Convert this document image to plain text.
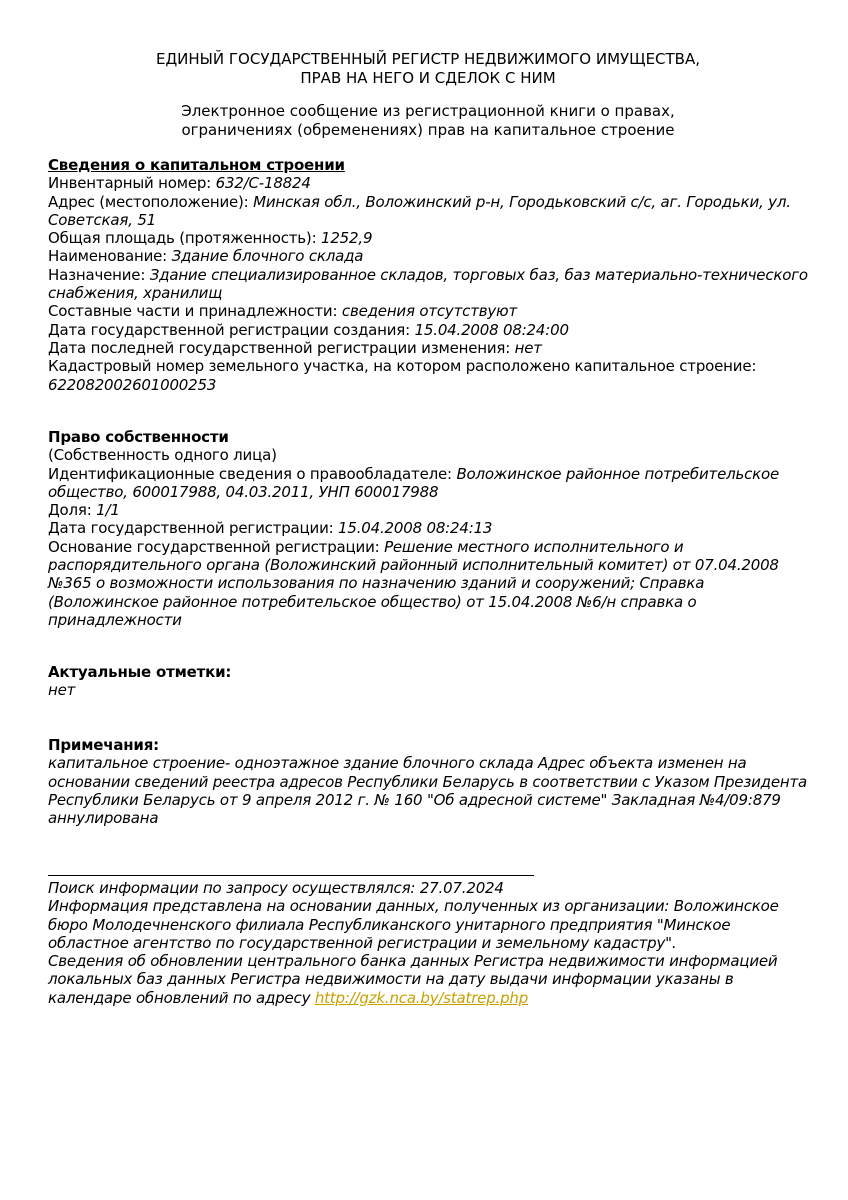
ЕДИНЫЙ ГОСУДАРСТВЕННЫЙ РЕГИСТР НЕДВИЖИМОГО ИМУЩЕСТВА,
ПРАВ НА НЕГО И СДЕЛОК С НИМ
Электронное сообщение из регистрационной книги о правах,
ограничениях (обременениях) прав на капитальное строение
Сведения о капитальном строении
Инвентарный номер: 632/С-18824
Адрес (местоположение): Минская обл., Воложинский р-н, Городьковский с/с, аг. Городьки, ул. Советская, 51
Общая площадь (протяженность): 1252,9
Наименование: Здание блочного склада
Назначение: Здание специализированное складов, торговых баз, баз материально-технического снабжения, хранилищ
Составные части и принадлежности: сведения отсутствуют
Дата государственной регистрации создания: 15.04.2008 08:24:00
Дата последней государственной регистрации изменения: нет
Кадастровый номер земельного участка, на котором расположено капитальное строение: 622082002601000253
Право собственности
(Собственность одного лица)
Идентификационные сведения о правообладателе: Воложинское районное потребительское общество, 600017988, 04.03.2011, УНП 600017988
Доля: 1/1
Дата государственной регистрации: 15.04.2008 08:24:13
Основание государственной регистрации: Решение местного исполнительного и распорядительного органа (Воложинский районный исполнительный комитет) от 07.04.2008 №365 о возможности использования по назначению зданий и сооружений; Справка (Воложинское районное потребительское общество) от 15.04.2008 №6/н справка о принадлежности
Актуальные отметки:
нет
Примечания:
капитальное строение- одноэтажное здание блочного склада Адрес объекта изменен на основании сведений реестра адресов Республики Беларусь в соответствии с Указом Президента Республики Беларусь от 9 апреля 2012 г. № 160 "Об адресной системе" Закладная №4/09:879 аннулирована
Поиск информации по запросу осуществлялся: 27.07.2024
Информация представлена на основании данных, полученных из организации: Воложинское бюро Молодечненского филиала Республиканского унитарного предприятия "Минское областное агентство по государственной регистрации и земельному кадастру".
Сведения об обновлении центрального банка данных Регистра недвижимости информацией локальных баз данных Регистра недвижимости на дату выдачи информации указаны в календаре обновлений по адресу http://gzk.nca.by/statrep.php
